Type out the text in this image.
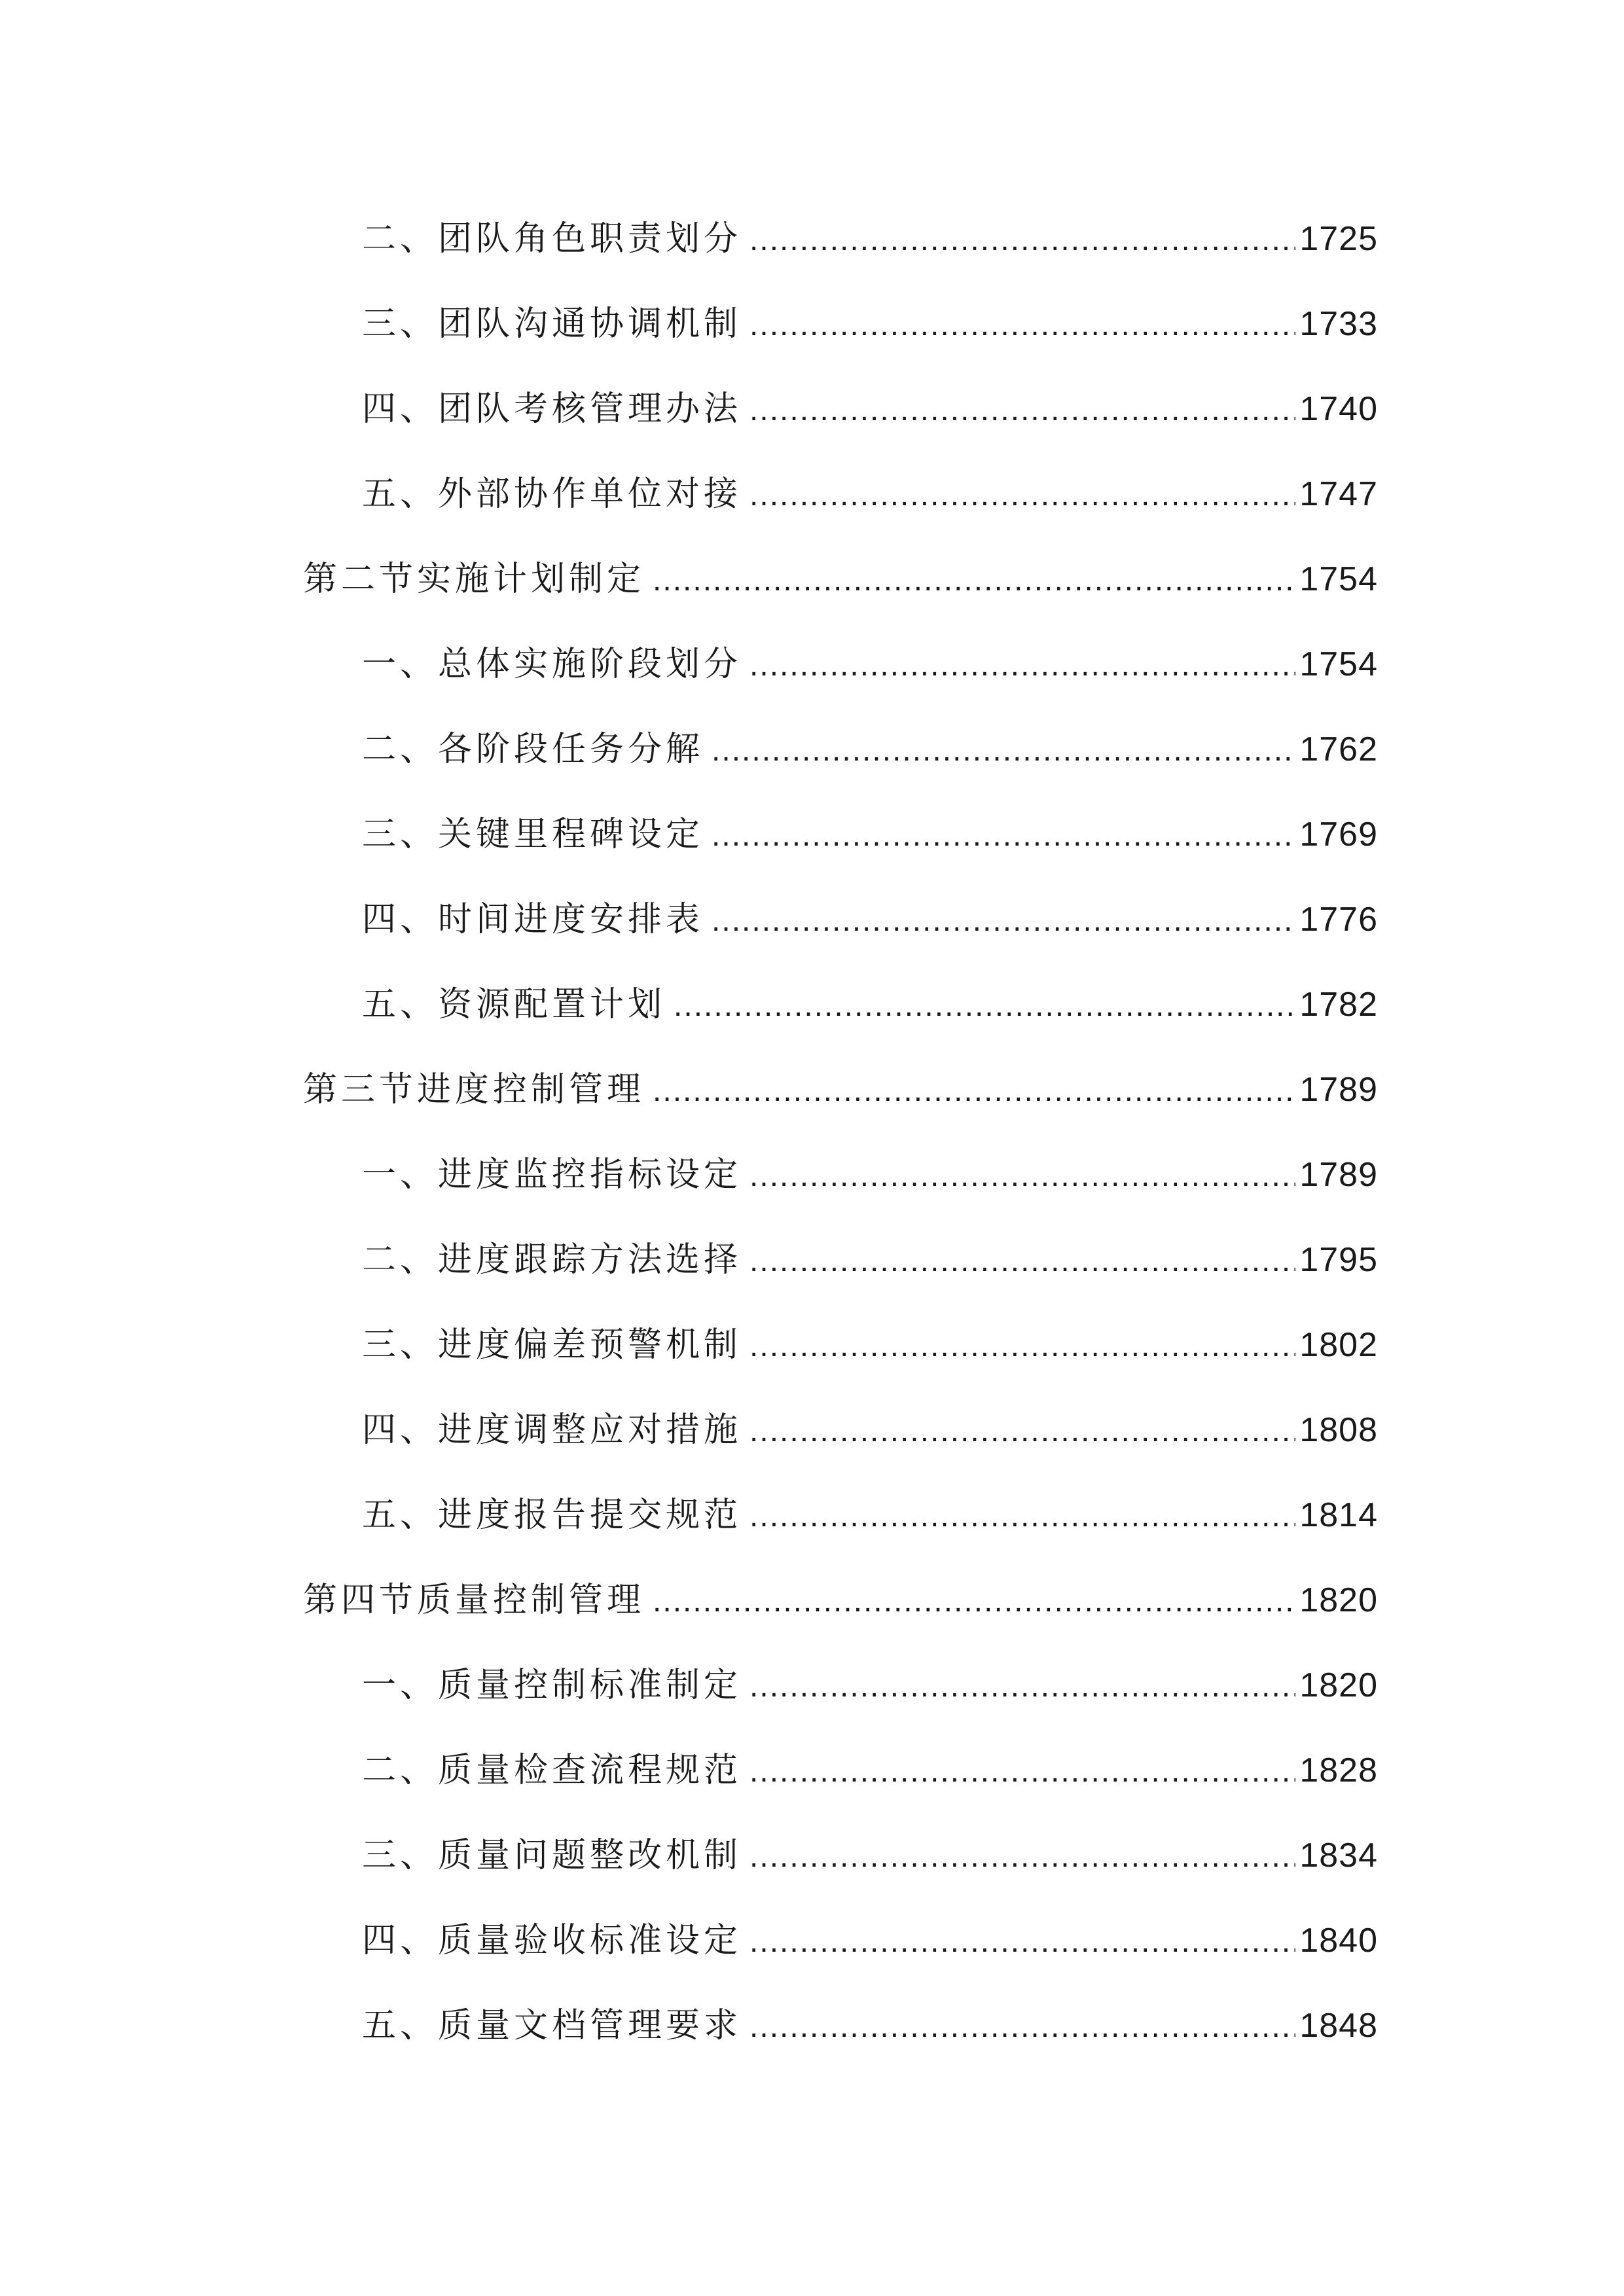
二、团队角色职责划分 .....	1725
三、团队沟通协调机制 .....	1733
四、团队考核管理办法 .....	1740
五、外部协作单位对接 .....	1747
第二节实施计划制定 .....	1754
一、总体实施阶段划分 .....	1754
二、各阶段任务分解 .....	1762
三、关键里程碑设定 .....	1769
四、时间进度安排表 .....	1776
五、资源配置计划 .....	1782
第三节进度控制管理 .....	1789
一、进度监控指标设定 .....	1789
二、进度跟踪方法选择 .....	1795
三、进度偏差预警机制 .....	1802
四、进度调整应对措施 .....	1808
五、进度报告提交规范 .....	1814
第四节质量控制管理 .....	1820
一、质量控制标准制定 .....	1820
二、质量检查流程规范 .....	1828
三、质量问题整改机制 .....	1834
四、质量验收标准设定 .....	1840
五、质量文档管理要求 .....	1848
